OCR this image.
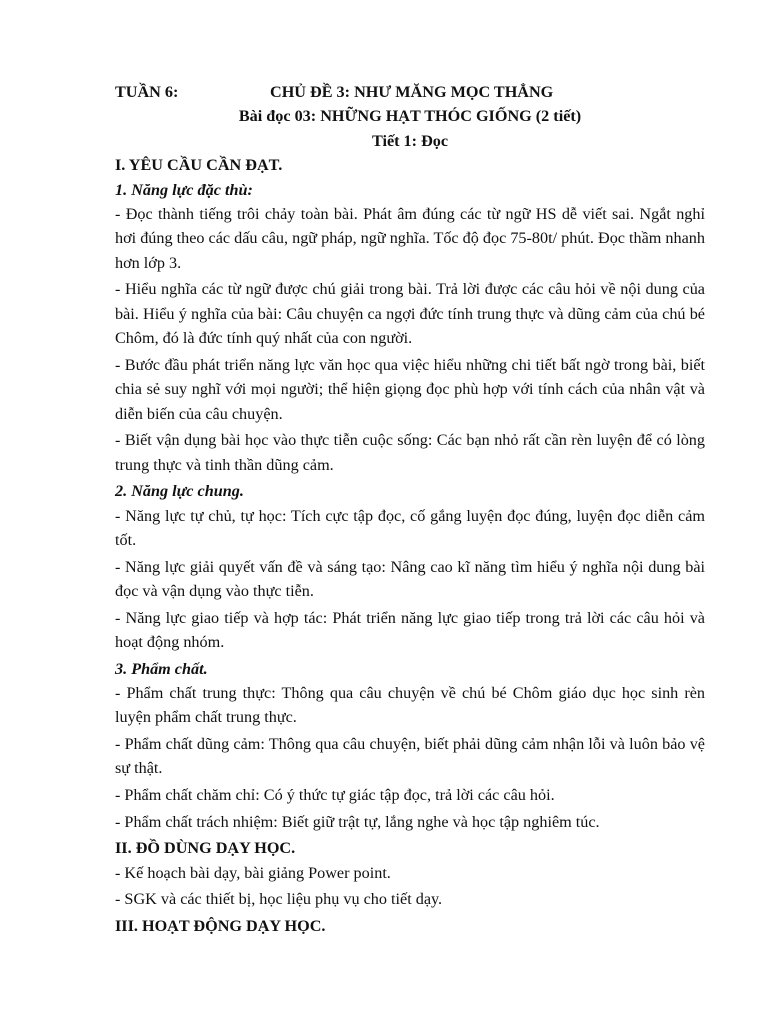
TUẦN 6:	CHỦ ĐỀ 3: NHƯ MĂNG MỌC THẲNG
Bài đọc 03: NHỮNG HẠT THÓC GIỐNG (2 tiết)
Tiết 1: Đọc
I. YÊU CẦU CẦN ĐẠT.
1. Năng lực đặc thù:

- Đọc thành tiếng trôi chảy toàn bài. Phát âm đúng các từ ngữ HS dễ viết sai. Ngắt nghỉ hơi đúng theo các dấu câu, ngữ pháp, ngữ nghĩa. Tốc độ đọc 75-80t/ phút. Đọc thầm nhanh hơn lớp 3.

- Hiểu nghĩa các từ ngữ được chú giải trong bài. Trả lời được các câu hỏi về nội dung của bài. Hiểu ý nghĩa của bài: Câu chuyện ca ngợi đức tính trung thực và dũng cảm của chú bé Chôm, đó là đức tính quý nhất của con người.

- Bước đầu phát triển năng lực văn học qua việc hiểu những chi tiết bất ngờ trong bài, biết chia sẻ suy nghĩ với mọi người; thể hiện giọng đọc phù hợp với tính cách của nhân vật và diễn biến của câu chuyện.

- Biết vận dụng bài học vào thực tiễn cuộc sống: Các bạn nhỏ rất cần rèn luyện để có lòng trung thực và tinh thần dũng cảm.

2. Năng lực chung.

- Năng lực tự chủ, tự học: Tích cực tập đọc, cố gắng luyện đọc đúng, luyện đọc diễn cảm tốt.

- Năng lực giải quyết vấn đề và sáng tạo: Nâng cao kĩ năng tìm hiểu ý nghĩa nội dung bài đọc và vận dụng vào thực tiễn.

- Năng lực giao tiếp và hợp tác: Phát triển năng lực giao tiếp trong trả lời các câu hỏi và hoạt động nhóm.

3. Phẩm chất.

- Phẩm chất trung thực: Thông qua câu chuyện về chú bé Chôm giáo dục học sinh rèn luyện phẩm chất trung thực.

- Phẩm chất dũng cảm: Thông qua câu chuyện, biết phải dũng cảm nhận lỗi và luôn bảo vệ sự thật.

- Phẩm chất chăm chỉ: Có ý thức tự giác tập đọc, trả lời các câu hỏi.

- Phẩm chất trách nhiệm: Biết giữ trật tự, lắng nghe và học tập nghiêm túc.

II. ĐỒ DÙNG DẠY HỌC.

- Kế hoạch bài dạy, bài giảng Power point.

- SGK và các thiết bị, học liệu phụ vụ cho tiết dạy.

III. HOẠT ĐỘNG DẠY HỌC.
